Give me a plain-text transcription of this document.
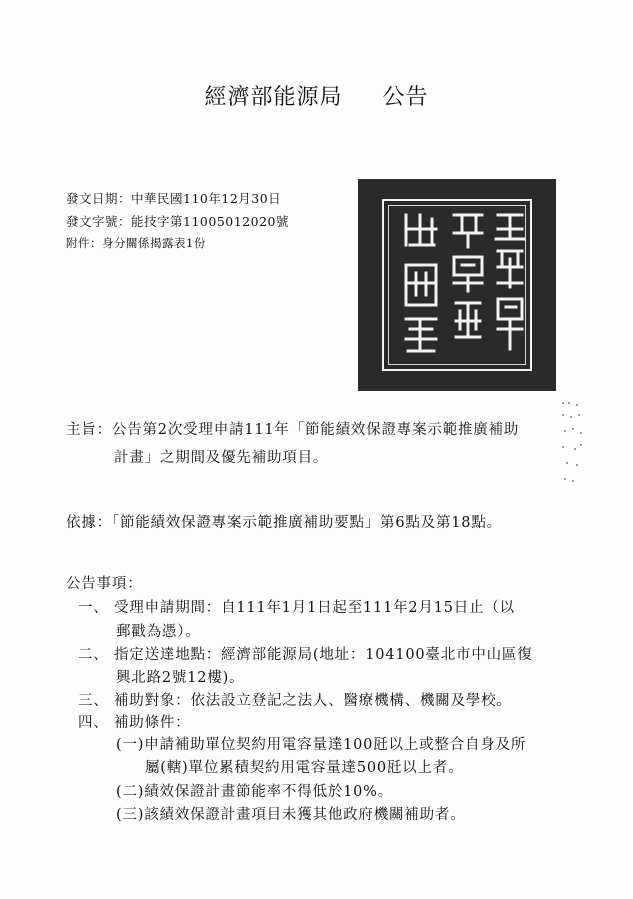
經濟部能源局 公告
發文日期：中華民國110年12月30日
發文字號：能技字第11005012020號
附件：身分關係揭露表1份
主旨：公告第2次受理申請111年「節能績效保證專案示範推廣補助
計畫」之期間及優先補助項目。
依據：「節能績效保證專案示範推廣補助要點」第6點及第18點。
公告事項：
一、 受理申請期間：自111年1月1日起至111年2月15日止（以
郵戳為憑）。
二、 指定送達地點：經濟部能源局(地址：104100臺北市中山區復
興北路2號12樓)。
三、 補助對象：依法設立登記之法人、醫療機構、機關及學校。
四、 補助條件：
(一)申請補助單位契約用電容量達100瓩以上或整合自身及所
屬(轄)單位累積契約用電容量達500瓩以上者。
(二)績效保證計畫節能率不得低於10%。
(三)該績效保證計畫項目未獲其他政府機關補助者。
